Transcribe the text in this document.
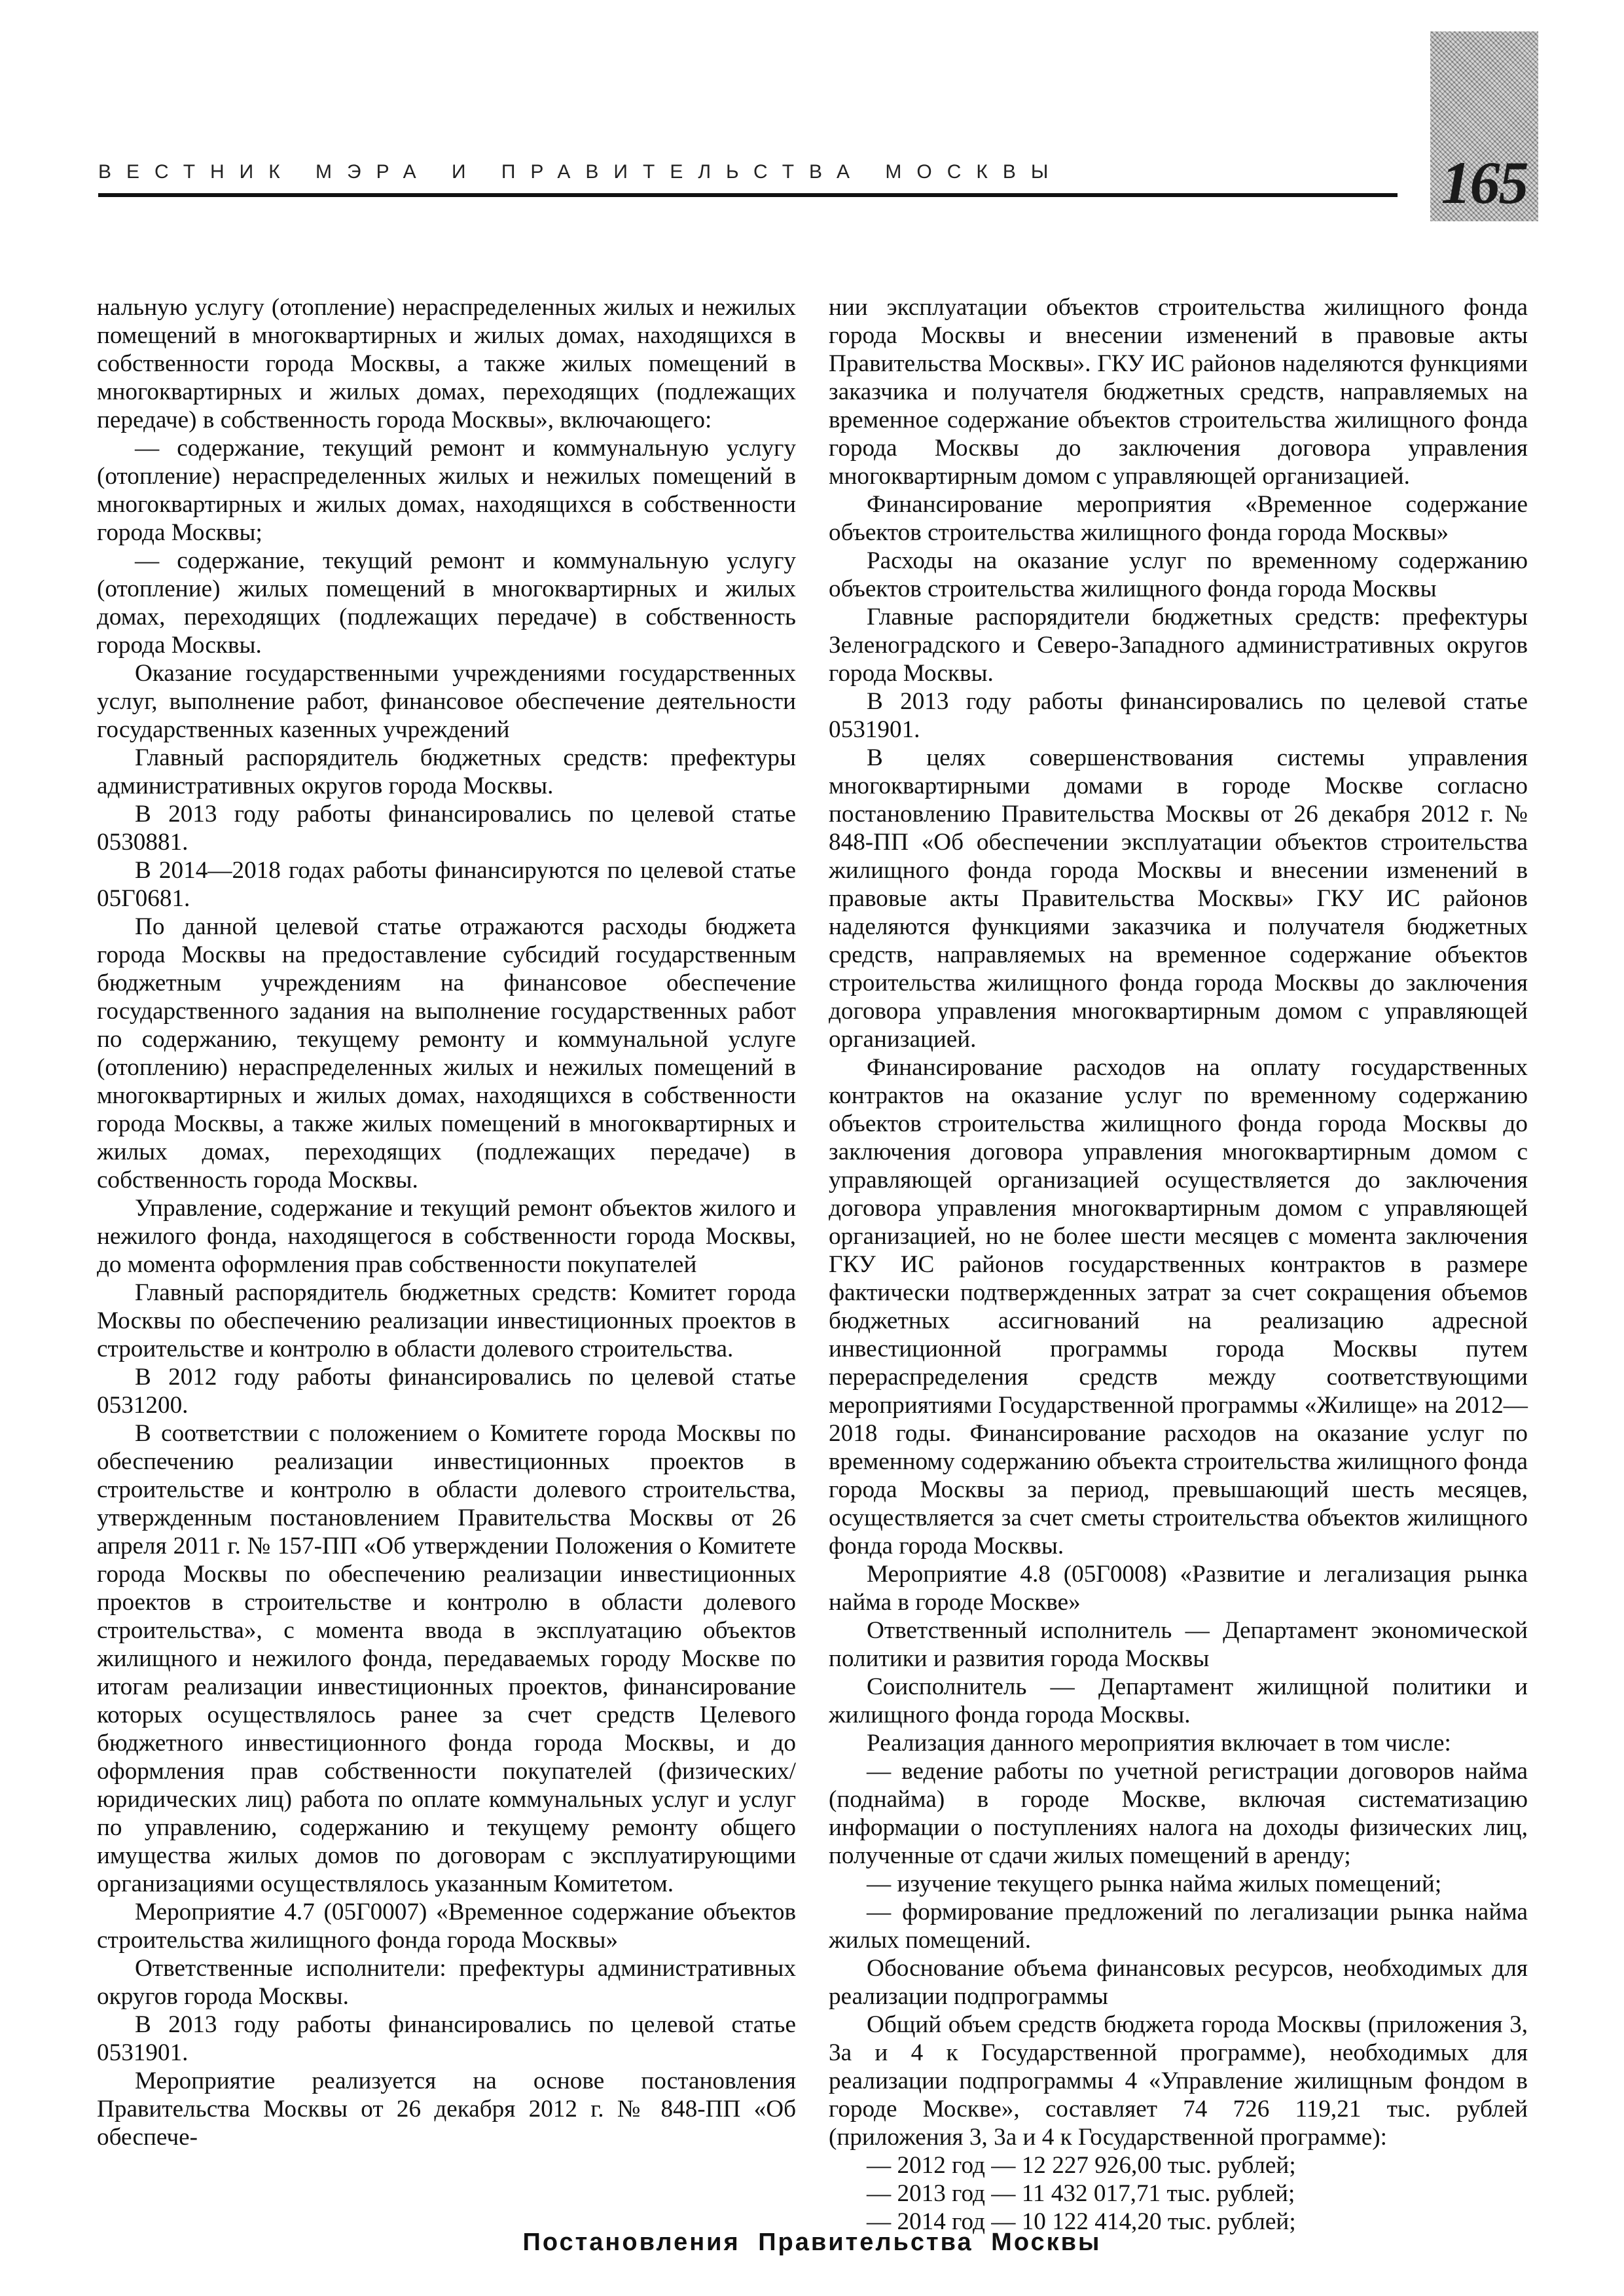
ВЕСТНИК МЭРА И ПРАВИТЕЛЬСТВА МОСКВЫ	165

нальную услугу (отопление) нераспределенных жилых и нежилых помещений в многоквартирных и жилых домах, находящихся в собственности города Москвы, а также жилых помещений в многоквартирных и жилых домах, переходящих (подлежащих передаче) в собственность города Москвы», включающего:

— содержание, текущий ремонт и коммунальную услугу (отопление) нераспределенных жилых и нежилых помещений в многоквартирных и жилых домах, находящихся в собственности города Москвы;

— содержание, текущий ремонт и коммунальную услугу (отопление) жилых помещений в многоквартирных и жилых домах, переходящих (подлежащих передаче) в собственность города Москвы.

Оказание государственными учреждениями государственных услуг, выполнение работ, финансовое обеспечение деятельности государственных казенных учреждений

Главный распорядитель бюджетных средств: префектуры административных округов города Москвы.

В 2013 году работы финансировались по целевой статье 0530881.

В 2014—2018 годах работы финансируются по целевой статье 05Г0681.

По данной целевой статье отражаются расходы бюджета города Москвы на предоставление субсидий государственным бюджетным учреждениям на финансовое обеспечение государственного задания на выполнение государственных работ по содержанию, текущему ремонту и коммунальной услуге (отоплению) нераспределенных жилых и нежилых помещений в многоквартирных и жилых домах, находящихся в собственности города Москвы, а также жилых помещений в многоквартирных и жилых домах, переходящих (подлежащих передаче) в собственность города Москвы.

Управление, содержание и текущий ремонт объектов жилого и нежилого фонда, находящегося в собственности города Москвы, до момента оформления прав собственности покупателей

Главный распорядитель бюджетных средств: Комитет города Москвы по обеспечению реализации инвестиционных проектов в строительстве и контролю в области долевого строительства.

В 2012 году работы финансировались по целевой статье 0531200.

В соответствии с положением о Комитете города Москвы по обеспечению реализации инвестиционных проектов в строительстве и контролю в области долевого строительства, утвержденным постановлением Правительства Москвы от 26 апреля 2011 г. № 157-ПП «Об утверждении Положения о Комитете города Москвы по обеспечению реализации инвестиционных проектов в строительстве и контролю в области долевого строительства», с момента ввода в эксплуатацию объектов жилищного и нежилого фонда, передаваемых городу Москве по итогам реализации инвестиционных проектов, финансирование которых осуществлялось ранее за счет средств Целевого бюджетного инвестиционного фонда города Москвы, и до оформления прав собственности покупателей (физических/юридических лиц) работа по оплате коммунальных услуг и услуг по управлению, содержанию и текущему ремонту общего имущества жилых домов по договорам с эксплуатирующими организациями осуществлялось указанным Комитетом.

Мероприятие 4.7 (05Г0007) «Временное содержание объектов строительства жилищного фонда города Москвы»

Ответственные исполнители: префектуры административных округов города Москвы.

В 2013 году работы финансировались по целевой статье 0531901.

Мероприятие реализуется на основе постановления Правительства Москвы от 26 декабря 2012 г. № 848-ПП «Об обеспече-

нии эксплуатации объектов строительства жилищного фонда города Москвы и внесении изменений в правовые акты Правительства Москвы». ГКУ ИС районов наделяются функциями заказчика и получателя бюджетных средств, направляемых на временное содержание объектов строительства жилищного фонда города Москвы до заключения договора управления многоквартирным домом с управляющей организацией.

Финансирование мероприятия «Временное содержание объектов строительства жилищного фонда города Москвы»

Расходы на оказание услуг по временному содержанию объектов строительства жилищного фонда города Москвы

Главные распорядители бюджетных средств: префектуры Зеленоградского и Северо-Западного административных округов города Москвы.

В 2013 году работы финансировались по целевой статье 0531901.

В целях совершенствования системы управления многоквартирными домами в городе Москве согласно постановлению Правительства Москвы от 26 декабря 2012 г. № 848-ПП «Об обеспечении эксплуатации объектов строительства жилищного фонда города Москвы и внесении изменений в правовые акты Правительства Москвы» ГКУ ИС районов наделяются функциями заказчика и получателя бюджетных средств, направляемых на временное содержание объектов строительства жилищного фонда города Москвы до заключения договора управления многоквартирным домом с управляющей организацией.

Финансирование расходов на оплату государственных контрактов на оказание услуг по временному содержанию объектов строительства жилищного фонда города Москвы до заключения договора управления многоквартирным домом с управляющей организацией осуществляется до заключения договора управления многоквартирным домом с управляющей организацией, но не более шести месяцев с момента заключения ГКУ ИС районов государственных контрактов в размере фактически подтвержденных затрат за счет сокращения объемов бюджетных ассигнований на реализацию адресной инвестиционной программы города Москвы путем перераспределения средств между соответствующими мероприятиями Государственной программы «Жилище» на 2012—2018 годы. Финансирование расходов на оказание услуг по временному содержанию объекта строительства жилищного фонда города Москвы за период, превышающий шесть месяцев, осуществляется за счет сметы строительства объектов жилищного фонда города Москвы.

Мероприятие 4.8 (05Г0008) «Развитие и легализация рынка найма в городе Москве»

Ответственный исполнитель — Департамент экономической политики и развития города Москвы

Соисполнитель — Департамент жилищной политики и жилищного фонда города Москвы.

Реализация данного мероприятия включает в том числе:

— ведение работы по учетной регистрации договоров найма (поднайма) в городе Москве, включая систематизацию информации о поступлениях налога на доходы физических лиц, полученные от сдачи жилых помещений в аренду;

— изучение текущего рынка найма жилых помещений;

— формирование предложений по легализации рынка найма жилых помещений.

Обоснование объема финансовых ресурсов, необходимых для реализации подпрограммы

Общий объем средств бюджета города Москвы (приложения 3, 3а и 4 к Государственной программе), необходимых для реализации подпрограммы 4 «Управление жилищным фондом в городе Москве», составляет 74 726 119,21 тыс. рублей (приложения 3, 3а и 4 к Государственной программе):

— 2012 год — 12 227 926,00 тыс. рублей;

— 2013 год — 11 432 017,71 тыс. рублей;

— 2014 год — 10 122 414,20 тыс. рублей;

Постановления Правительства Москвы
